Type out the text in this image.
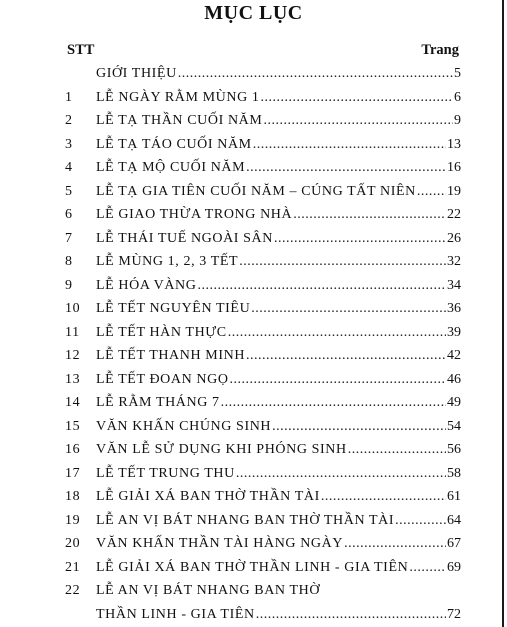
MỤC LỤC
STT	Trang
GIỚI THIỆU .....	5
1	LỄ NGÀY RẰM MÙNG 1 .....	6
2	LỄ TẠ THẦN CUỐI NĂM .....	9
3	LỄ TẠ TÁO CUỐI NĂM .....	13
4	LỄ TẠ MỘ CUỐI NĂM .....	16
5	LỄ TẠ GIA TIÊN CUỐI NĂM – CÚNG TẤT NIÊN ..... 19
6	LỄ GIAO THỪA TRONG NHÀ .....	22
7	LỄ THÁI TUẾ NGOÀI SÂN .....	26
8	LỄ MÙNG 1, 2, 3 TẾT .....	32
9	LỄ HÓA VÀNG .....	34
10	LỄ TẾT NGUYÊN TIÊU .....	36
11	LỄ TẾT HÀN THỰC .....	39
12	LỄ TẾT THANH MINH .....	42
13	LỄ TẾT ĐOAN NGỌ .....	46
14	LỄ RẰM THÁNG 7 .....	49
15	VĂN KHẤN CHÚNG SINH .....	54
16	VĂN LỄ SỬ DỤNG KHI PHÓNG SINH .....	56
17	LỄ TẾT TRUNG THU .....	58
18	LỄ GIẢI XÁ BAN THỜ THẦN TÀI .....	61
19	LỄ AN VỊ BÁT NHANG BAN THỜ THẦN TÀI .....	64
20	VĂN KHẤN THẦN TÀI HÀNG NGÀY .....	67
21	LỄ GIẢI XÁ BAN THỜ THẦN LINH - GIA TIÊN .....	69
22	LỄ AN VỊ BÁT NHANG BAN THỜ
THẦN LINH - GIA TIÊN .....	72
